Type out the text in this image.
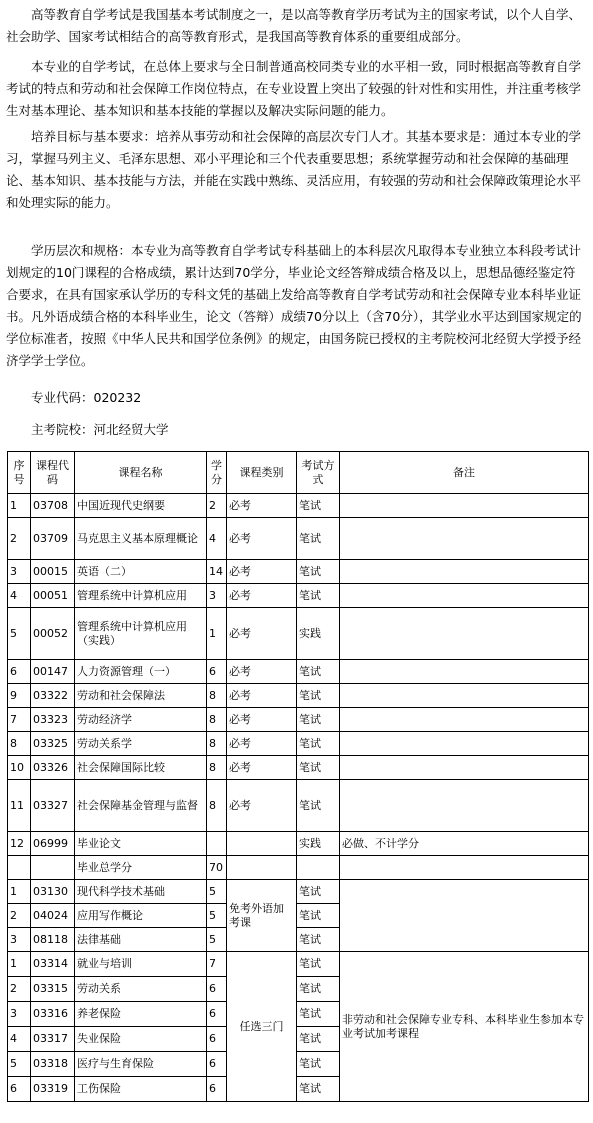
高等教育自学考试是我国基本考试制度之一，是以高等教育学历考试为主的国家考试，以个人自学、社会助学、国家考试相结合的高等教育形式，是我国高等教育体系的重要组成部分。

本专业的自学考试，在总体上要求与全日制普通高校同类专业的水平相一致，同时根据高等教育自学考试的特点和劳动和社会保障工作岗位特点，在专业设置上突出了较强的针对性和实用性，并注重考核学生对基本理论、基本知识和基本技能的掌握以及解决实际问题的能力。

培养目标与基本要求：培养从事劳动和社会保障的高层次专门人才。其基本要求是：通过本专业的学习，掌握马列主义、毛泽东思想、邓小平理论和三个代表重要思想；系统掌握劳动和社会保障的基础理论、基本知识、基本技能与方法，并能在实践中熟练、灵活应用，有较强的劳动和社会保障政策理论水平和处理实际的能力。

学历层次和规格：本专业为高等教育自学考试专科基础上的本科层次凡取得本专业独立本科段考试计划规定的10门课程的合格成绩，累计达到70学分，毕业论文经答辩成绩合格及以上，思想品德经鉴定符合要求，在具有国家承认学历的专科文凭的基础上发给高等教育自学考试劳动和社会保障专业本科毕业证书。凡外语成绩合格的本科毕业生，论文（答辩）成绩70分以上（含70分），其学业水平达到国家规定的学位标准者，按照《中华人民共和国学位条例》的规定，由国务院已授权的主考院校河北经贸大学授予经济学学士学位。

专业代码：020232
主考院校：河北经贸大学
序号	课程代码	课程名称	学分	课程类别	考试方式	备注
1	03708	中国近现代史纲要	2	必考	笔试	
2	03709	马克思主义基本原理概论	4	必考	笔试	
3	00015	英语（二）	14	必考	笔试	
4	00051	管理系统中计算机应用	3	必考	笔试	
5	00052	管理系统中计算机应用（实践）	1	必考	实践	
6	00147	人力资源管理（一）	6	必考	笔试	
9	03322	劳动和社会保障法	8	必考	笔试	
7	03323	劳动经济学	8	必考	笔试	
8	03325	劳动关系学	8	必考	笔试	
10	03326	社会保障国际比较	8	必考	笔试	
11	03327	社会保障基金管理与监督	8	必考	笔试	
12	06999	毕业论文			实践	必做、不计学分
		毕业总学分	70			
1	03130	现代科学技术基础	5	免考外语加考课	笔试	
2	04024	应用写作概论	5		笔试	
3	08118	法律基础	5		笔试	
1	03314	就业与培训	7	任选三门	笔试	非劳动和社会保障专业专科、本科毕业生参加本专业考试加考课程
2	03315	劳动关系	6		笔试	
3	03316	养老保险	6		笔试	
4	03317	失业保险	6		笔试	
5	03318	医疗与生育保险	6		笔试	
6	03319	工伤保险	6		笔试	
